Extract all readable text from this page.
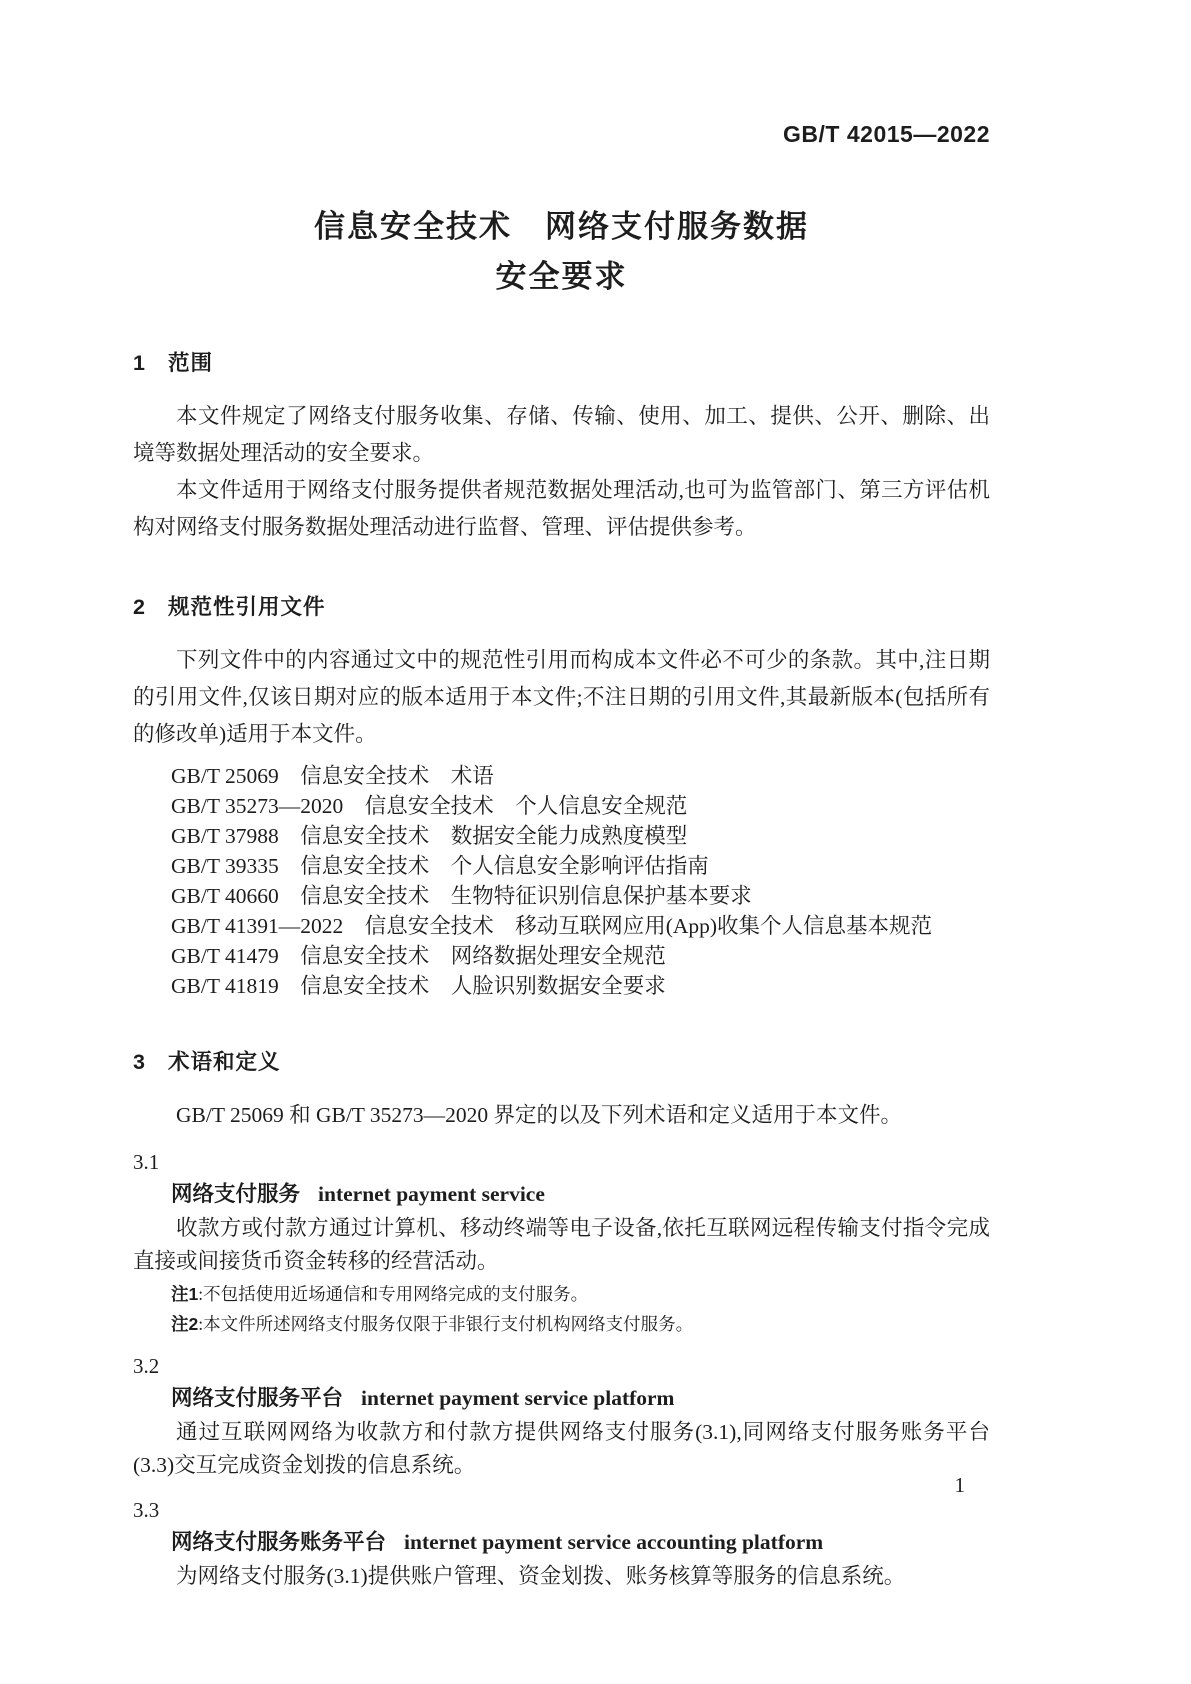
GB/T 42015—2022
信息安全技术　网络支付服务数据
安全要求
1 范围

本文件规定了网络支付服务收集、存储、传输、使用、加工、提供、公开、删除、出境等数据处理活动的安全要求。

本文件适用于网络支付服务提供者规范数据处理活动,也可为监管部门、第三方评估机构对网络支付服务数据处理活动进行监督、管理、评估提供参考。

2 规范性引用文件

下列文件中的内容通过文中的规范性引用而构成本文件必不可少的条款。其中,注日期的引用文件,仅该日期对应的版本适用于本文件;不注日期的引用文件,其最新版本(包括所有的修改单)适用于本文件。

GB/T 25069　信息安全技术　术语

GB/T 35273—2020　信息安全技术　个人信息安全规范

GB/T 37988　信息安全技术　数据安全能力成熟度模型

GB/T 39335　信息安全技术　个人信息安全影响评估指南

GB/T 40660　信息安全技术　生物特征识别信息保护基本要求

GB/T 41391—2022　信息安全技术　移动互联网应用(App)收集个人信息基本规范

GB/T 41479　信息安全技术　网络数据处理安全规范

GB/T 41819　信息安全技术　人脸识别数据安全要求

3 术语和定义

GB/T 25069 和 GB/T 35273—2020 界定的以及下列术语和定义适用于本文件。

3.1

网络支付服务 internet payment service

收款方或付款方通过计算机、移动终端等电子设备,依托互联网远程传输支付指令完成直接或间接货币资金转移的经营活动。

注1:不包括使用近场通信和专用网络完成的支付服务。

注2:本文件所述网络支付服务仅限于非银行支付机构网络支付服务。

3.2

网络支付服务平台 internet payment service platform

通过互联网网络为收款方和付款方提供网络支付服务(3.1),同网络支付服务账务平台(3.3)交互完成资金划拨的信息系统。

3.3

网络支付服务账务平台 internet payment service accounting platform

为网络支付服务(3.1)提供账户管理、资金划拨、账务核算等服务的信息系统。

1
